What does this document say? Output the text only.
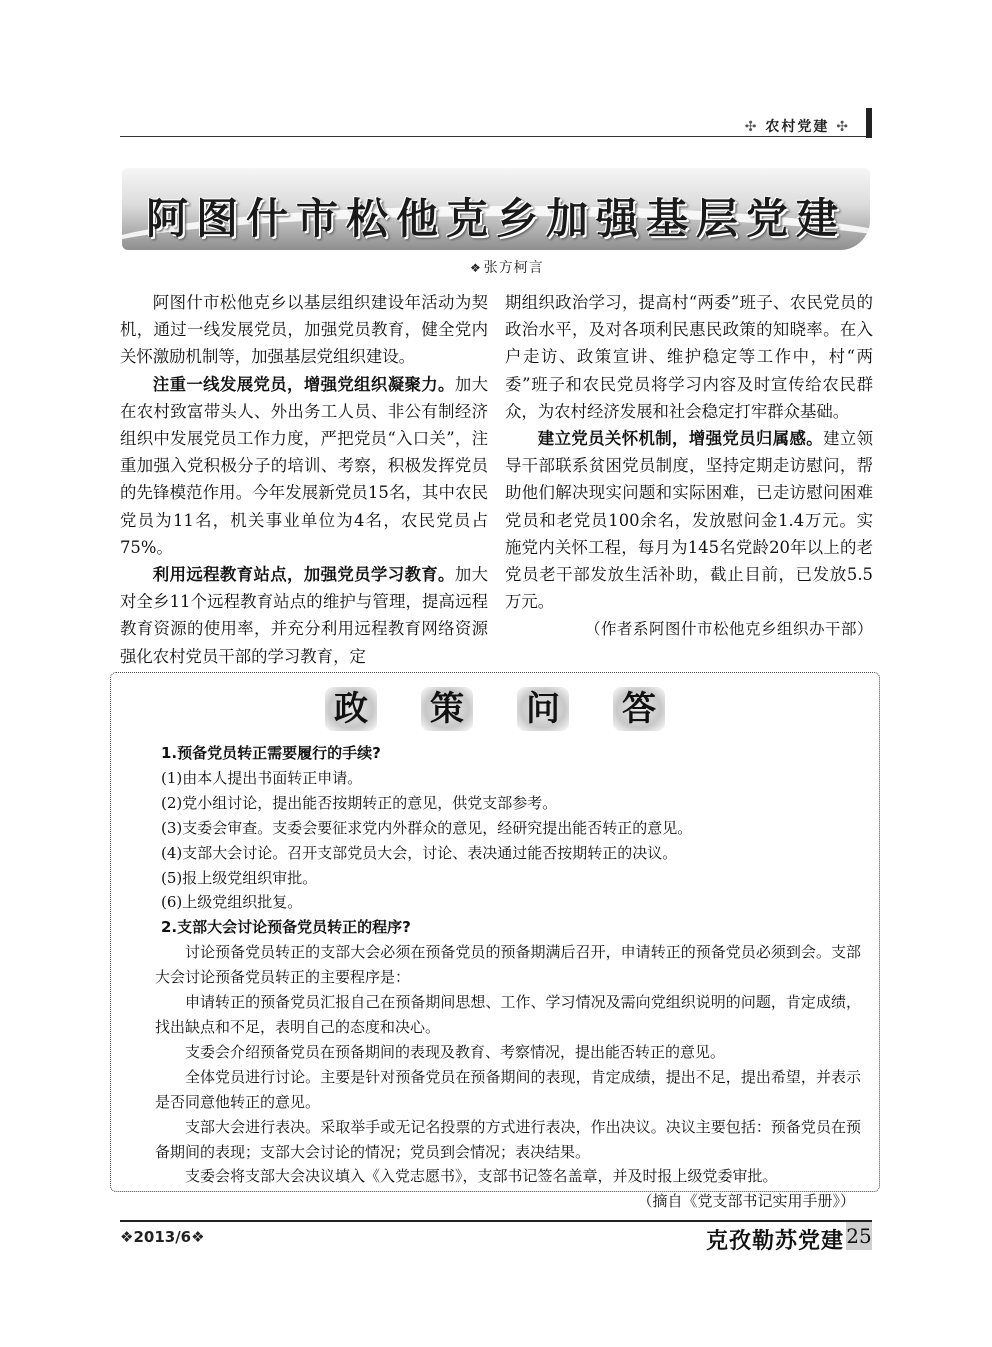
✣ 农村党建 ✣
阿图什市松他克乡加强基层党建
❖ 张方柯言

阿图什市松他克乡以基层组织建设年活动为契机，通过一线发展党员，加强党员教育，健全党内关怀激励机制等，加强基层党组织建设。

注重一线发展党员，增强党组织凝聚力。加大在农村致富带头人、外出务工人员、非公有制经济组织中发展党员工作力度，严把党员“入口关”，注重加强入党积极分子的培训、考察，积极发挥党员的先锋模范作用。今年发展新党员15名，其中农民党员为11名，机关事业单位为4名，农民党员占75%。

利用远程教育站点，加强党员学习教育。加大对全乡11个远程教育站点的维护与管理，提高远程教育资源的使用率，并充分利用远程教育网络资源强化农村党员干部的学习教育，定

期组织政治学习，提高村“两委”班子、农民党员的政治水平，及对各项利民惠民政策的知晓率。在入户走访、政策宣讲、维护稳定等工作中，村“两委”班子和农民党员将学习内容及时宣传给农民群众，为农村经济发展和社会稳定打牢群众基础。

建立党员关怀机制，增强党员归属感。建立领导干部联系贫困党员制度，坚持定期走访慰问，帮助他们解决现实问题和实际困难，已走访慰问困难党员和老党员100余名，发放慰问金1.4万元。实施党内关怀工程，每月为145名党龄20年以上的老党员老干部发放生活补助，截止目前，已发放5.5万元。

（作者系阿图什市松他克乡组织办干部）
政 策 问 答

1.预备党员转正需要履行的手续?

(1)由本人提出书面转正申请。

(2)党小组讨论，提出能否按期转正的意见，供党支部参考。

(3)支委会审查。支委会要征求党内外群众的意见，经研究提出能否转正的意见。

(4)支部大会讨论。召开支部党员大会，讨论、表决通过能否按期转正的决议。

(5)报上级党组织审批。

(6)上级党组织批复。

2.支部大会讨论预备党员转正的程序?

讨论预备党员转正的支部大会必须在预备党员的预备期满后召开，申请转正的预备党员必须到会。支部大会讨论预备党员转正的主要程序是：

申请转正的预备党员汇报自己在预备期间思想、工作、学习情况及需向党组织说明的问题，肯定成绩，找出缺点和不足，表明自己的态度和决心。

支委会介绍预备党员在预备期间的表现及教育、考察情况，提出能否转正的意见。

全体党员进行讨论。主要是针对预备党员在预备期间的表现，肯定成绩，提出不足，提出希望，并表示是否同意他转正的意见。

支部大会进行表决。采取举手或无记名投票的方式进行表决，作出决议。决议主要包括：预备党员在预备期间的表现；支部大会讨论的情况；党员到会情况；表决结果。

支委会将支部大会决议填入《入党志愿书》，支部书记签名盖章，并及时报上级党委审批。

（摘自《党支部书记实用手册》）

❖2013/6❖	克孜勒苏党建 25
